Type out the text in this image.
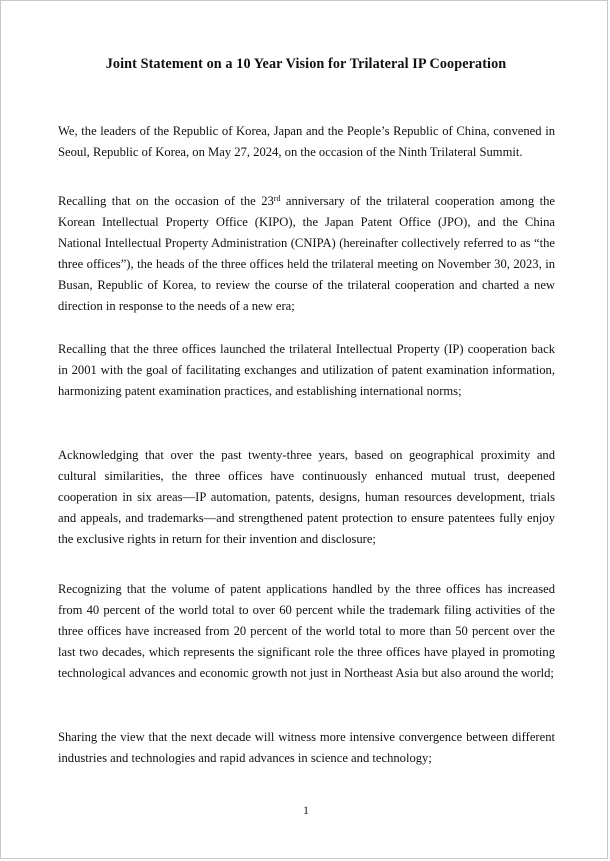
Joint Statement on a 10 Year Vision for Trilateral IP Cooperation

We, the leaders of the Republic of Korea, Japan and the People’s Republic of China, convened in Seoul, Republic of Korea, on May 27, 2024, on the occasion of the Ninth Trilateral Summit.

Recalling that on the occasion of the 23rd anniversary of the trilateral cooperation among the Korean Intellectual Property Office (KIPO), the Japan Patent Office (JPO), and the China National Intellectual Property Administration (CNIPA) (hereinafter collectively referred to as “the three offices”), the heads of the three offices held the trilateral meeting on November 30, 2023, in Busan, Republic of Korea, to review the course of the trilateral cooperation and charted a new direction in response to the needs of a new era;

Recalling that the three offices launched the trilateral Intellectual Property (IP) cooperation back in 2001 with the goal of facilitating exchanges and utilization of patent examination information, harmonizing patent examination practices, and establishing international norms;

Acknowledging that over the past twenty-three years, based on geographical proximity and cultural similarities, the three offices have continuously enhanced mutual trust, deepened cooperation in six areas—IP automation, patents, designs, human resources development, trials and appeals, and trademarks—and strengthened patent protection to ensure patentees fully enjoy the exclusive rights in return for their invention and disclosure;

Recognizing that the volume of patent applications handled by the three offices has increased from 40 percent of the world total to over 60 percent while the trademark filing activities of the three offices have increased from 20 percent of the world total to more than 50 percent over the last two decades, which represents the significant role the three offices have played in promoting technological advances and economic growth not just in Northeast Asia but also around the world;

Sharing the view that the next decade will witness more intensive convergence between different industries and technologies and rapid advances in science and technology;

1
